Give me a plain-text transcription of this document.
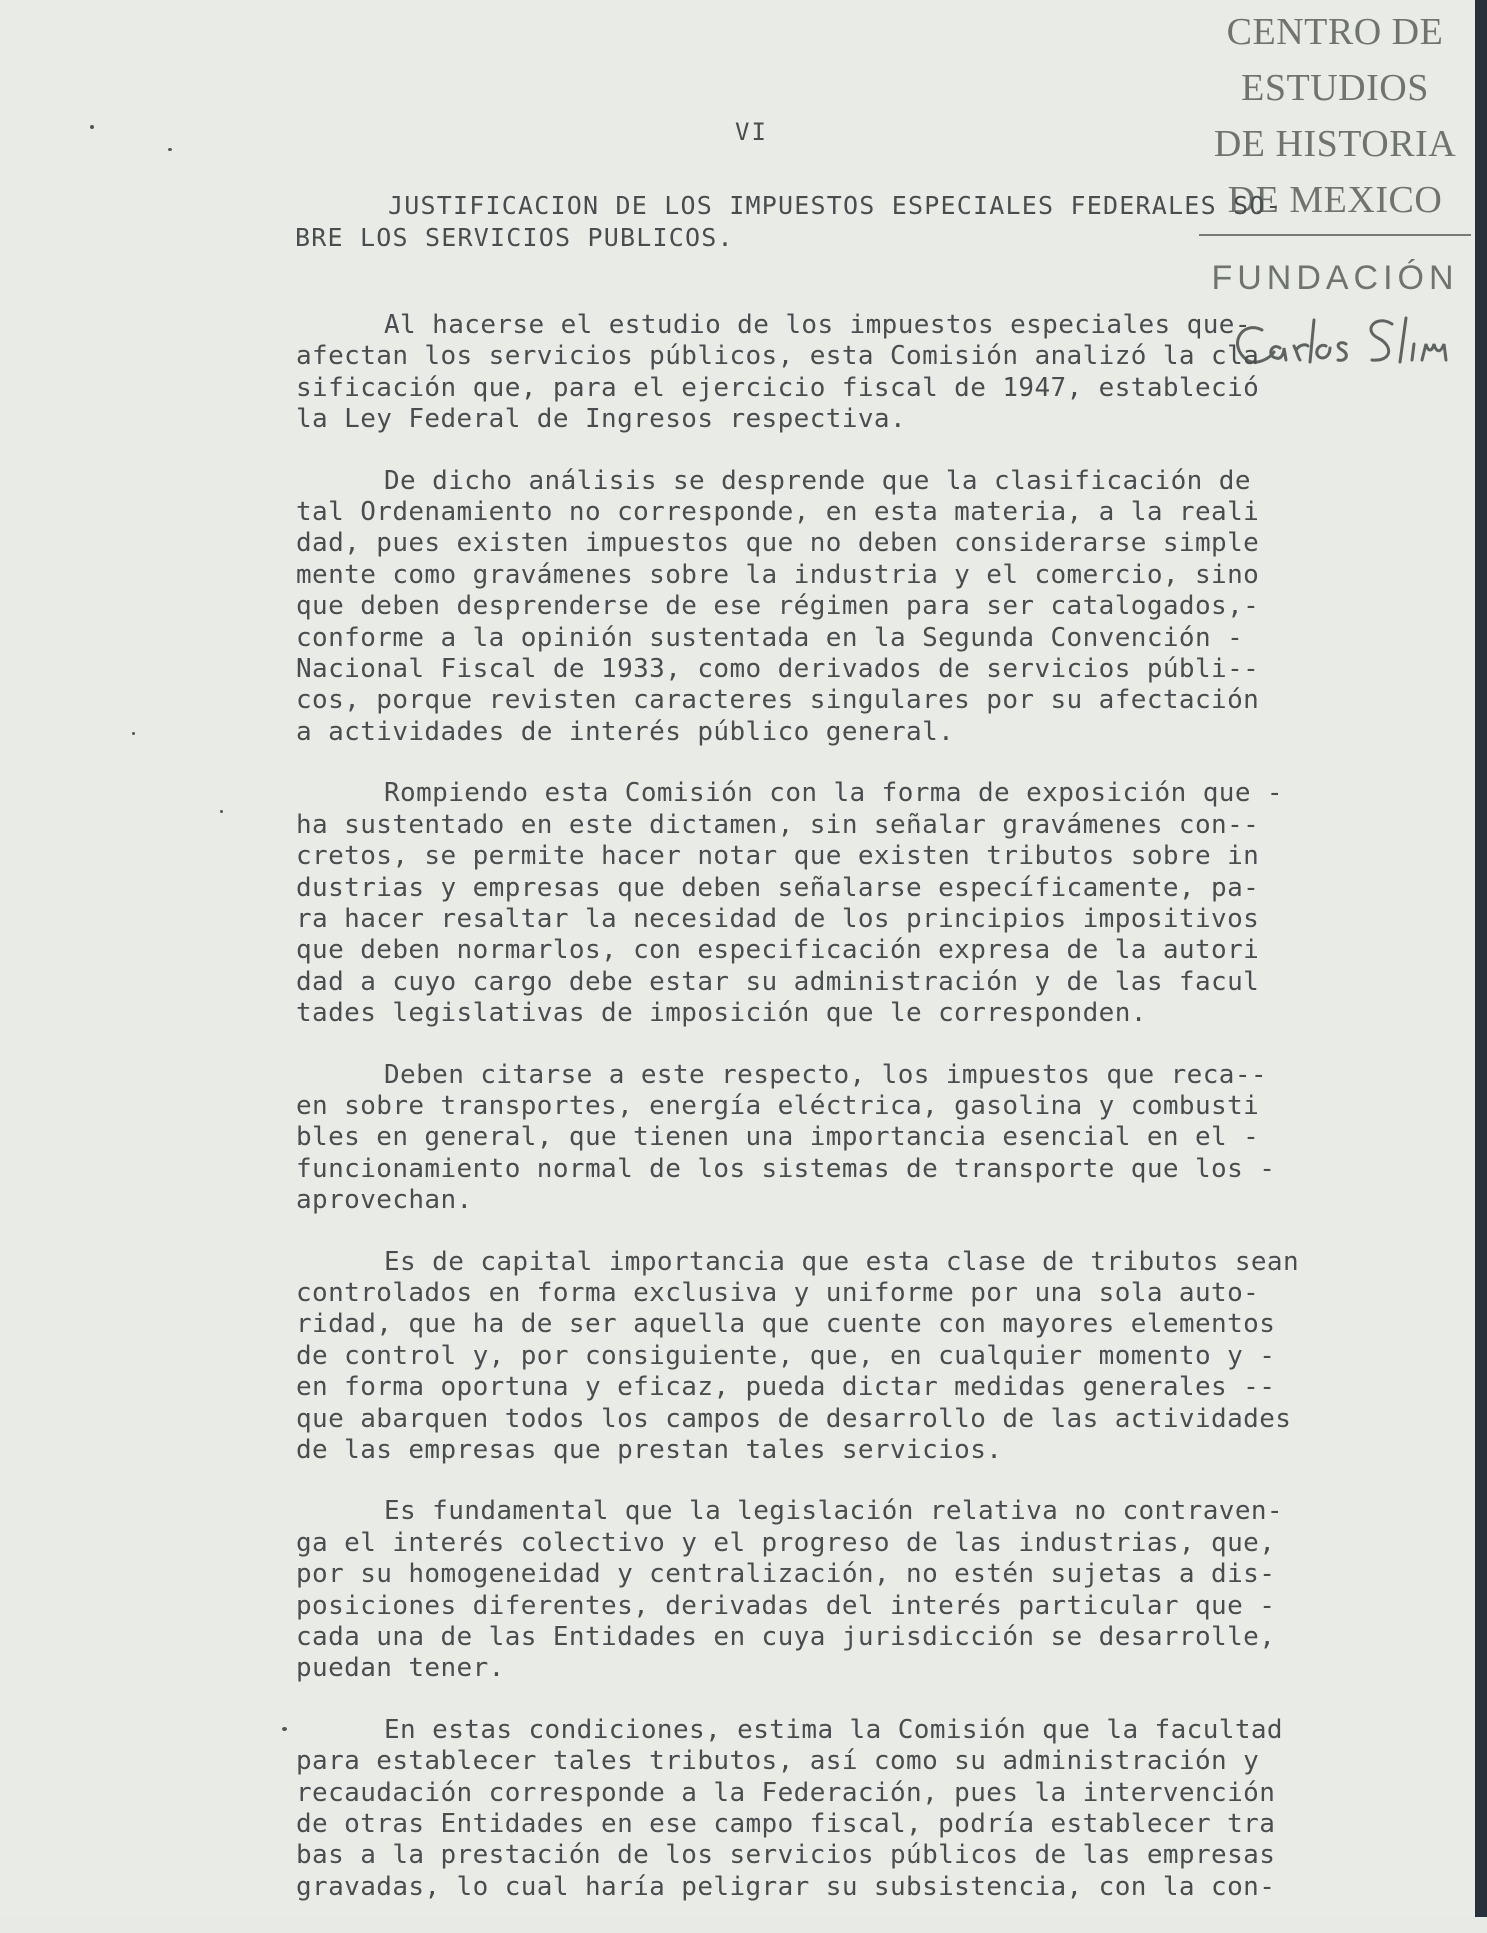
CENTRO DE
ESTUDIOS
DE HISTORIA
DE MEXICO
FUNDACIÓN
VI
JUSTIFICACION DE LOS IMPUESTOS ESPECIALES FEDERALES SO-
BRE LOS SERVICIOS PUBLICOS.
Al hacerse el estudio de los impuestos especiales que-
afectan los servicios públicos, esta Comisión analizó la cla
sificación que, para el ejercicio fiscal de 1947, estableció
la Ley Federal de Ingresos respectiva.
De dicho análisis se desprende que la clasificación de
tal Ordenamiento no corresponde, en esta materia, a la reali
dad, pues existen impuestos que no deben considerarse simple
mente como gravámenes sobre la industria y el comercio, sino
que deben desprenderse de ese régimen para ser catalogados,-
conforme a la opinión sustentada en la Segunda Convención -
Nacional Fiscal de 1933, como derivados de servicios públi--
cos, porque revisten caracteres singulares por su afectación
a actividades de interés público general.
Rompiendo esta Comisión con la forma de exposición que -
ha sustentado en este dictamen, sin señalar gravámenes con--
cretos, se permite hacer notar que existen tributos sobre in
dustrias y empresas que deben señalarse específicamente, pa-
ra hacer resaltar la necesidad de los principios impositivos
que deben normarlos, con especificación expresa de la autori
dad a cuyo cargo debe estar su administración y de las facul
tades legislativas de imposición que le corresponden.
Deben citarse a este respecto, los impuestos que reca--
en sobre transportes, energía eléctrica, gasolina y combusti
bles en general, que tienen una importancia esencial en el -
funcionamiento normal de los sistemas de transporte que los -
aprovechan.
Es de capital importancia que esta clase de tributos sean
controlados en forma exclusiva y uniforme por una sola auto-
ridad, que ha de ser aquella que cuente con mayores elementos
de control y, por consiguiente, que, en cualquier momento y -
en forma oportuna y eficaz, pueda dictar medidas generales --
que abarquen todos los campos de desarrollo de las actividades
de las empresas que prestan tales servicios.
Es fundamental que la legislación relativa no contraven-
ga el interés colectivo y el progreso de las industrias, que,
por su homogeneidad y centralización, no estén sujetas a dis-
posiciones diferentes, derivadas del interés particular que -
cada una de las Entidades en cuya jurisdicción se desarrolle,
puedan tener.
En estas condiciones, estima la Comisión que la facultad
para establecer tales tributos, así como su administración y
recaudación corresponde a la Federación, pues la intervención
de otras Entidades en ese campo fiscal, podría establecer tra
bas a la prestación de los servicios públicos de las empresas
gravadas, lo cual haría peligrar su subsistencia, con la con-
